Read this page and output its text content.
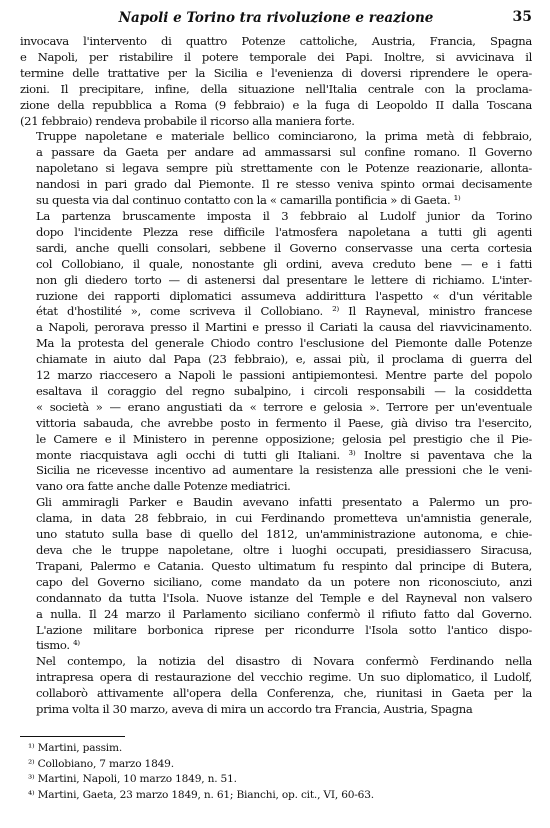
Napoli e Torino tra rivoluzione e reazione	35
invocava l'intervento di quattro Potenze cattoliche, Austria, Francia, Spagna
e Napoli, per ristabilire il potere temporale dei Papi. Inoltre, si avvicinava il
termine delle trattative per la Sicilia e l'evenienza di doversi riprendere le opera-
zioni. Il precipitare, infine, della situazione nell'Italia centrale con la proclama-
zione della repubblica a Roma (9 febbraio) e la fuga di Leopoldo II dalla Toscana
(21 febbraio) rendeva probabile il ricorso alla maniera forte.
Truppe napoletane e materiale bellico cominciarono, la prima metà di febbraio,
a passare da Gaeta per andare ad ammassarsi sul confine romano. Il Governo
napoletano si legava sempre più strettamente con le Potenze reazionarie, allonta-
nandosi in pari grado dal Piemonte. Il re stesso veniva spinto ormai decisamente
su questa via dal continuo contatto con la « camarilla pontificia » di Gaeta. ¹⁾
La partenza bruscamente imposta il 3 febbraio al Ludolf junior da Torino
dopo l'incidente Plezza rese difficile l'atmosfera napoletana a tutti gli agenti
sardi, anche quelli consolari, sebbene il Governo conservasse una certa cortesia
col Collobiano, il quale, nonostante gli ordini, aveva creduto bene — e i fatti
non gli diedero torto — di astenersi dal presentare le lettere di richiamo. L'inter-
ruzione dei rapporti diplomatici assumeva addirittura l'aspetto « d'un véritable
état d'hostilité », come scriveva il Collobiano. ²⁾ Il Rayneval, ministro francese
a Napoli, perorava presso il Martini e presso il Cariati la causa del riavvicinamento.
Ma la protesta del generale Chiodo contro l'esclusione del Piemonte dalle Potenze
chiamate in aiuto dal Papa (23 febbraio), e, assai più, il proclama di guerra del
12 marzo riaccesero a Napoli le passioni antipiemontesi. Mentre parte del popolo
esaltava il coraggio del regno subalpino, i circoli responsabili — la cosiddetta
« società » — erano angustiati da « terrore e gelosia ». Terrore per un'eventuale
vittoria sabauda, che avrebbe posto in fermento il Paese, già diviso tra l'esercito,
le Camere e il Ministero in perenne opposizione; gelosia pel prestigio che il Pie-
monte riacquistava agli occhi di tutti gli Italiani. ³⁾ Inoltre si paventava che la
Sicilia ne ricevesse incentivo ad aumentare la resistenza alle pressioni che le veni-
vano ora fatte anche dalle Potenze mediatrici.
Gli ammiragli Parker e Baudin avevano infatti presentato a Palermo un pro-
clama, in data 28 febbraio, in cui Ferdinando prometteva un'amnistia generale,
uno statuto sulla base di quello del 1812, un'amministrazione autonoma, e chie-
deva che le truppe napoletane, oltre i luoghi occupati, presidiassero Siracusa,
Trapani, Palermo e Catania. Questo ultimatum fu respinto dal principe di Butera,
capo del Governo siciliano, come mandato da un potere non riconosciuto, anzi
condannato da tutta l'Isola. Nuove istanze del Temple e del Rayneval non valsero
a nulla. Il 24 marzo il Parlamento siciliano confermò il rifiuto fatto dal Governo.
L'azione militare borbonica riprese per ricondurre l'Isola sotto l'antico dispo-
tismo. ⁴⁾
Nel contempo, la notizia del disastro di Novara confermò Ferdinando nella
intrapresa opera di restaurazione del vecchio regime. Un suo diplomatico, il Ludolf,
collaborò attivamente all'opera della Conferenza, che, riunitasi in Gaeta per la
prima volta il 30 marzo, aveva di mira un accordo tra Francia, Austria, Spagna
¹⁾ Martini, passim.
²⁾ Collobiano, 7 marzo 1849.
³⁾ Martini, Napoli, 10 marzo 1849, n. 51.
⁴⁾ Martini, Gaeta, 23 marzo 1849, n. 61; Bianchi, op. cit., VI, 60-63.
